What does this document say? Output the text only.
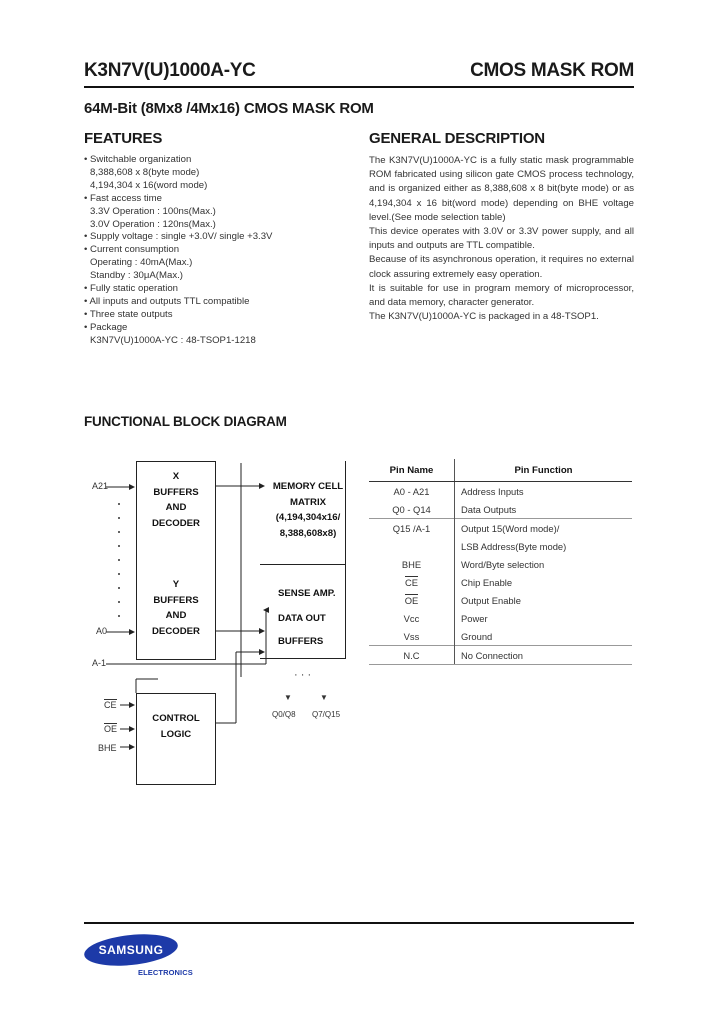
K3N7V(U)1000A-YC	CMOS MASK ROM
64M-Bit (8Mx8 /4Mx16) CMOS MASK ROM
FEATURES
• Switchable organization
8,388,608 x 8(byte mode)
4,194,304 x 16(word mode)
• Fast access time
3.3V Operation : 100ns(Max.)
3.0V Operation : 120ns(Max.)
• Supply voltage : single +3.0V/ single +3.3V
• Current consumption
Operating : 40mA(Max.)
Standby : 30μA(Max.)
• Fully static operation
• All inputs and outputs TTL compatible
• Three state outputs
• Package
K3N7V(U)1000A-YC : 48-TSOP1-1218
GENERAL DESCRIPTION

The K3N7V(U)1000A-YC is a fully static mask programmable ROM fabricated using silicon gate CMOS process technology, and is organized either as 8,388,608 x 8 bit(byte mode) or as 4,194,304 x 16 bit(word mode) depending on BHE voltage level.(See mode selection table)

This device operates with 3.0V or 3.3V power supply, and all inputs and outputs are TTL compatible.

Because of its asynchronous operation, it requires no external clock assuring extremely easy operation.

It is suitable for use in program memory of microprocessor, and data memory, character generator.

The K3N7V(U)1000A-YC is packaged in a 48-TSOP1.

FUNCTIONAL BLOCK DIAGRAM
X
BUFFERS
AND
DECODER
Y
BUFFERS
AND
DECODER
MEMORY CELL
MATRIX
(4,194,304x16/
8,388,608x8)
SENSE AMP.
DATA OUT
BUFFERS
CONTROL
LOGIC
A21
A0
A-1
CE
OE
BHE
· · ·
▼	▼
Q0/Q8 Q7/Q15
Pin Name	Pin Function
A0 - A21	Address Inputs
Q0 - Q14	Data Outputs
Q15 /A-1	Output 15(Word mode)/
	LSB Address(Byte mode)
BHE	Word/Byte selection
CE	Chip Enable
OE	Output Enable
Vcc	Power
Vss	Ground
N.C	No Connection
SAMSUNG
ELECTRONICS
